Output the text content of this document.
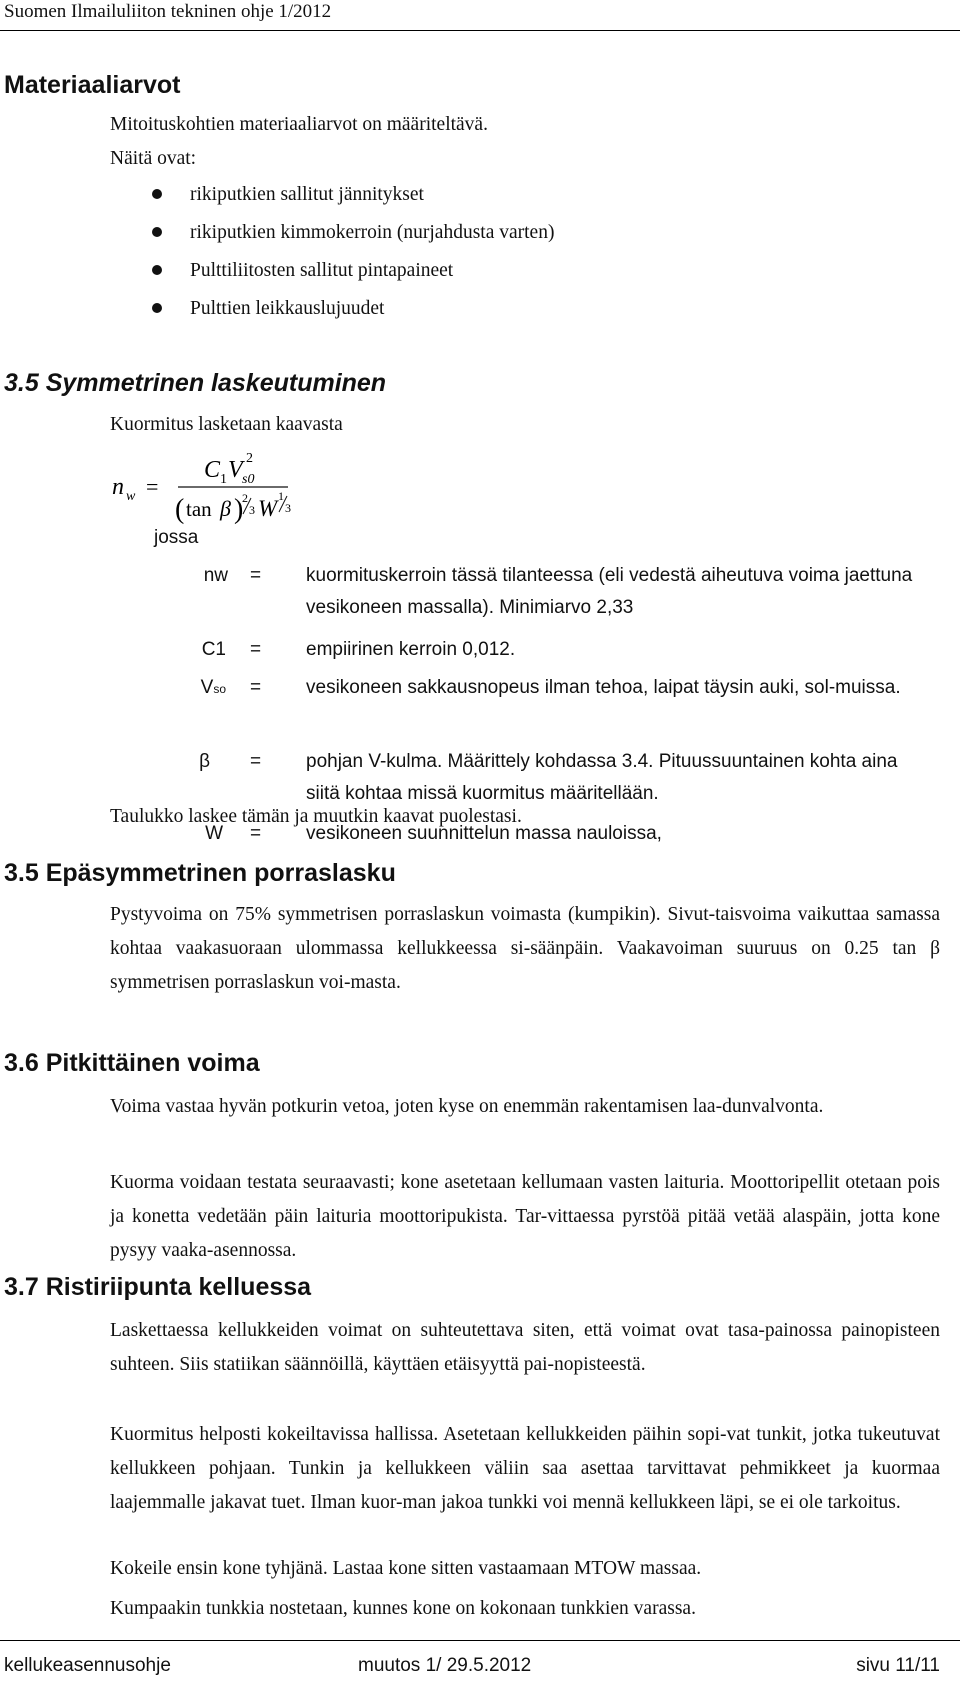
Suomen Ilmailuliiton tekninen ohje 1/2012
Materiaaliarvot

Mitoituskohtien materiaaliarvot on määriteltävä.

Näitä ovat:

rikiputkien sallitut jännitykset
rikiputkien kimmokerroin (nurjahdusta varten)
Pulttiliitosten sallitut pintapaineet
Pulttien leikkauslujuudet
3.5 Symmetrinen laskeutuminen

Kuormitus lasketaan kaavasta

n w =
C 1 V 2
s0
( tan β )
2
3 W 1
3
jossa
nw = kuormituskerroin tässä tilanteessa (eli vedestä aiheutuva voima jaettuna vesikoneen massalla). Minimiarvo 2,33
C1 = empiirinen kerroin 0,012.
Vso = vesikoneen sakkausnopeus ilman tehoa, laipat täysin auki, sol-muissa.
β = pohjan V-kulma. Määrittely kohdassa 3.4. Pituussuuntainen kohta aina siitä kohtaa missä kuormitus määritellään.
W = vesikoneen suunnittelun massa nauloissa,

Taulukko laskee tämän ja muutkin kaavat puolestasi.

3.5 Epäsymmetrinen porraslasku

Pystyvoima on 75% symmetrisen porraslaskun voimasta (kumpikin). Sivut-taisvoima vaikuttaa samassa kohtaa vaakasuoraan ulommassa kellukkeessa si-säänpäin. Vaakavoiman suuruus on 0.25 tan β symmetrisen porraslaskun voi-masta.

3.6 Pitkittäinen voima

Voima vastaa hyvän potkurin vetoa, joten kyse on enemmän rakentamisen laa-dunvalvonta.

Kuorma voidaan testata seuraavasti; kone asetetaan kellumaan vasten laituria. Moottoripellit otetaan pois ja konetta vedetään päin laituria moottoripukista. Tar-vittaessa pyrstöä pitää vetää alaspäin, jotta kone pysyy vaaka-asennossa.

3.7 Ristiriipunta kelluessa

Laskettaessa kellukkeiden voimat on suhteutettava siten, että voimat ovat tasa-painossa painopisteen suhteen. Siis statiikan säännöillä, käyttäen etäisyyttä pai-nopisteestä.

Kuormitus helposti kokeiltavissa hallissa. Asetetaan kellukkeiden päihin sopi-vat tunkit, jotka tukeutuvat kellukkeen pohjaan. Tunkin ja kellukkeen väliin saa asettaa tarvittavat pehmikkeet ja kuormaa laajemmalle jakavat tuet. Ilman kuor-man jakoa tunkki voi mennä kellukkeen läpi, se ei ole tarkoitus.

Kokeile ensin kone tyhjänä. Lastaa kone sitten vastaamaan MTOW massaa.

Kumpaakin tunkkia nostetaan, kunnes kone on kokonaan tunkkien varassa.

kellukeasennusohje	muutos 1/ 29.5.2012	sivu 11/11
